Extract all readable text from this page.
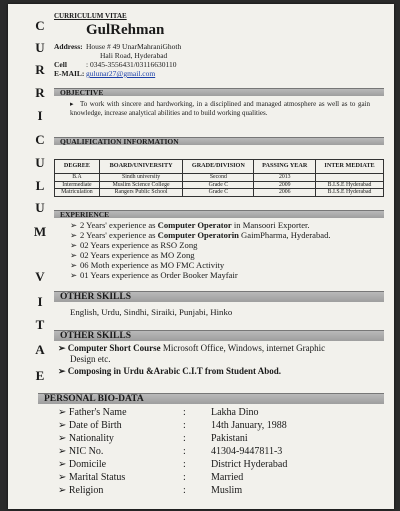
C
U
R
R
I
C
U
L
U
M
V
I
T
A
E
CURRICULUM VITAE
GulRehman
Address: House # 49 UnarMahraniGhoth
Hali Road, Hyderabad
Cell	: 0345-3556431/03116630110
E-MAIL: gulunar27@gmail.com
OBJECTIVE
▸ To work with sincere and hardworking, in a disciplined and managed atmosphere as well as to gain knowledge, increase analytical abilities and to build working qualities.
QUALIFICATION INFORMATION
DEGREE	BOARD/UNIVERSITY	GRADE/DIVISION	PASSING YEAR	INTER MEDIATE
B.A	Sindh university	Second	2013	
Intermediate	Muslim Science College	Grade C	2009	B.I.S.E Hyderabad
Matriculation	Rangers Public School	Grade C	2006	B.I.S.E Hyderabad
EXPERIENCE
➢ 2 Years' experience as Computer Operator in Mansoori Exporter.
➢ 2 Years' experience as Computer Operatorin GaimPharma, Hyderabad.
➢ 02 Years experience as RSO Zong
➢ 02 Years experience as MO Zong
➢ 06 Moth experience as MO FMC Activity
➢ 01 Years experience as Order Booker Mayfair
OTHER SKILLS
English, Urdu, Sindhi, Siraiki, Punjabi, Hinko
OTHER SKILLS
➢ Computer Short Course Microsoft Office, Windows, internet Graphic
Design etc.
➢ Composing in Urdu &Arabic C.I.T from Student Abod.
PERSONAL BIO-DATA
➢ Father's Name	:	Lakha Dino
➢ Date of Birth	:	14th January, 1988
➢ Nationality	:	Pakistani
➢ NIC No.	:	41304-9447811-3
➢ Domicile	:	District Hyderabad
➢ Marital Status	:	Married
➢ Religion	:	Muslim
